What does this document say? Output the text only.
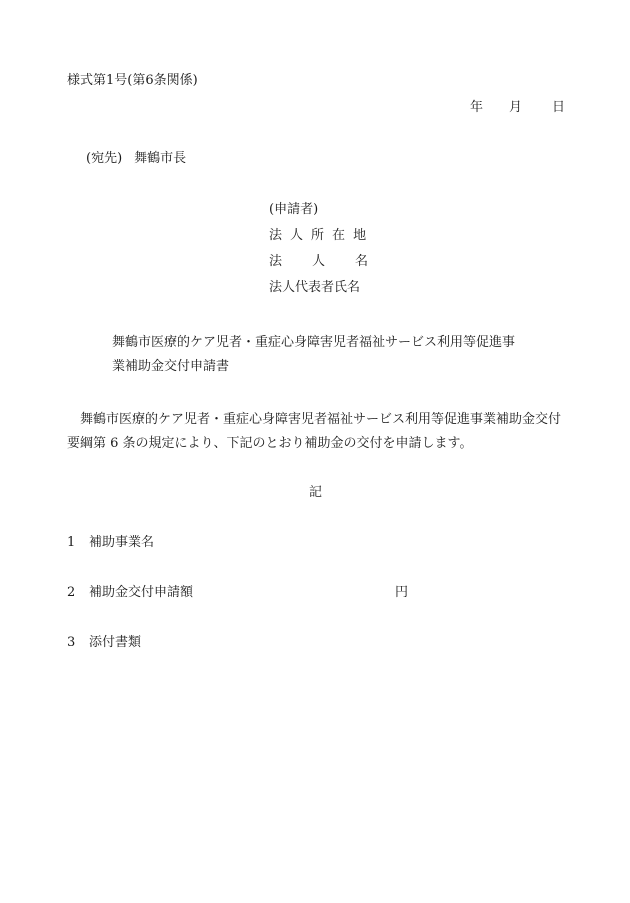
様式第1号(第6条関係)
年 月 日
(宛先) 舞鶴市長
(申請者)
法 人 所 在 地
法 人 名
法人代表者氏名
舞鶴市医療的ケア児者・重症心身障害児者福祉サービス利用等促進事
業補助金交付申請書
舞鶴市医療的ケア児者・重症心身障害児者福祉サービス利用等促進事業補助金交付要綱第 6 条の規定により、下記のとおり補助金の交付を申請します。
記
1 補助事業名
2 補助金交付申請額	円
3 添付書類
